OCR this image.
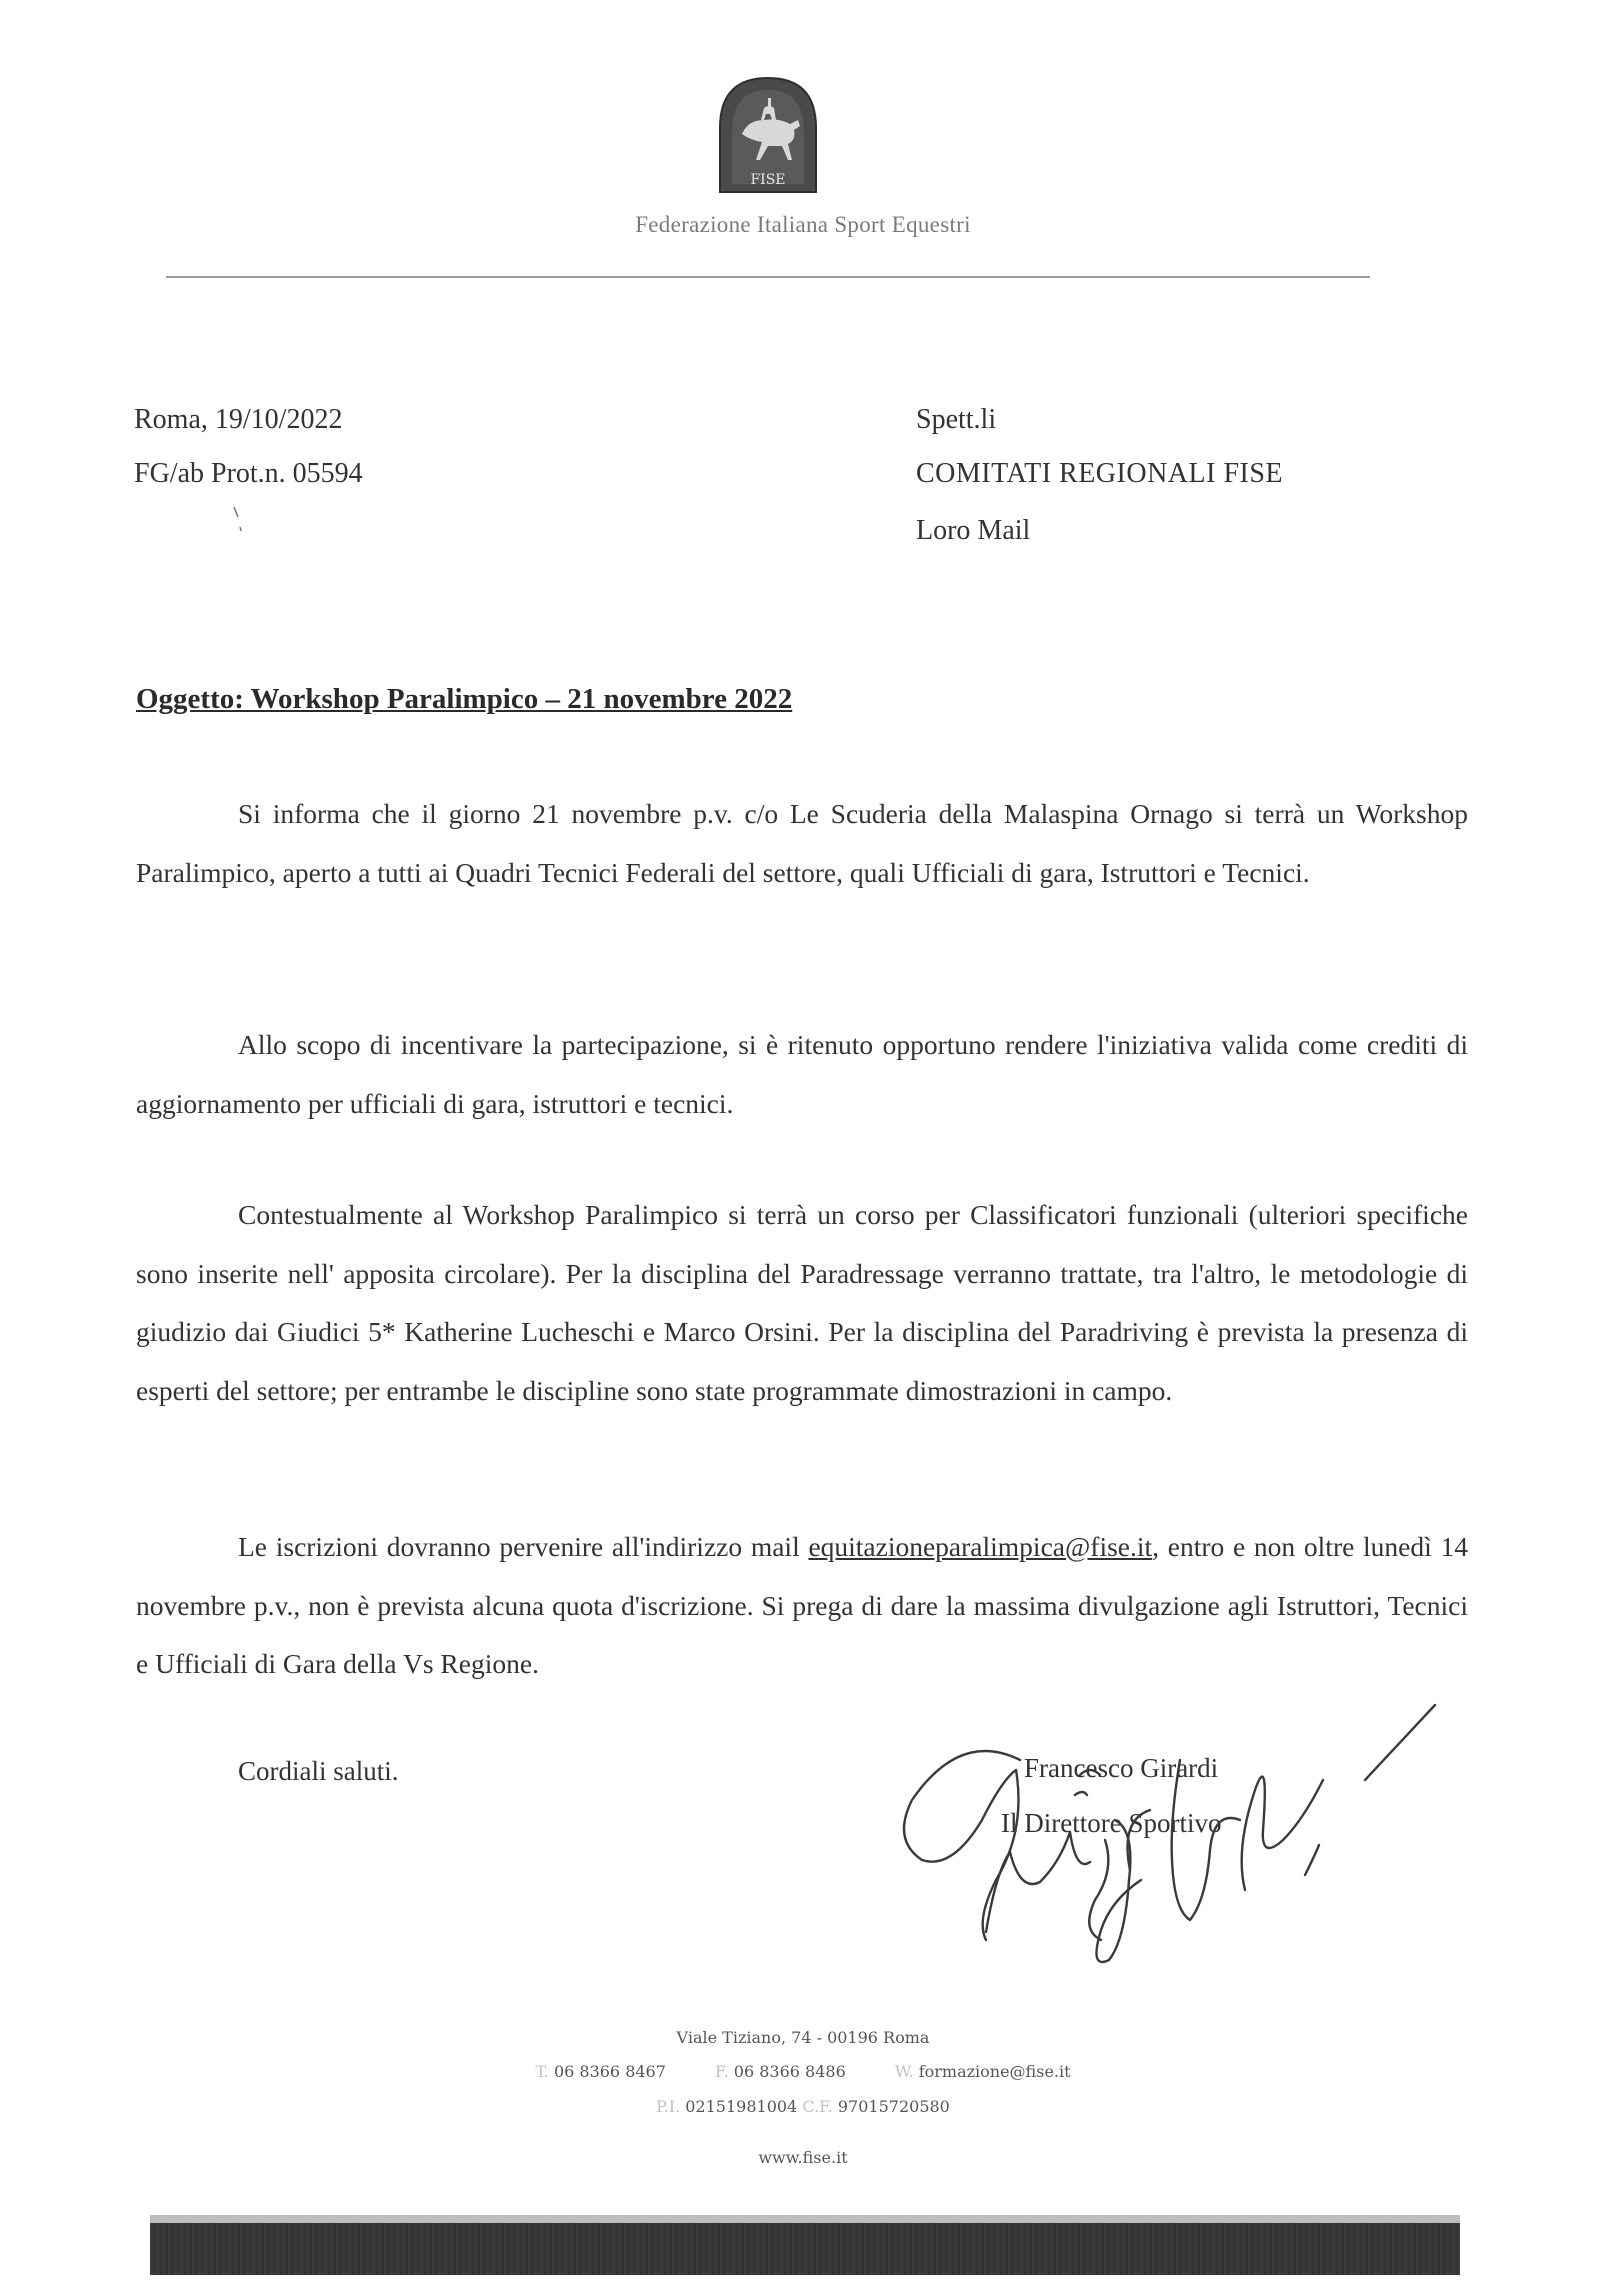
FISE
Federazione Italiana Sport Equestri
Roma, 19/10/2022
FG/ab Prot.n. 05594
Spett.li
COMITATI REGIONALI FISE
Loro Mail
Oggetto: Workshop Paralimpico – 21 novembre 2022
Si informa che il giorno 21 novembre p.v. c/o Le Scuderia della Malaspina Ornago si terrà un Workshop Paralimpico, aperto a tutti ai Quadri Tecnici Federali del settore, quali Ufficiali di gara, Istruttori e Tecnici.
Allo scopo di incentivare la partecipazione, si è ritenuto opportuno rendere l'iniziativa valida come crediti di aggiornamento per ufficiali di gara, istruttori e tecnici.
Contestualmente al Workshop Paralimpico si terrà un corso per Classificatori funzionali (ulteriori specifiche sono inserite nell' apposita circolare). Per la disciplina del Paradressage verranno trattate, tra l'altro, le metodologie di giudizio dai Giudici 5* Katherine Lucheschi e Marco Orsini. Per la disciplina del Paradriving è prevista la presenza di esperti del settore; per entrambe le discipline sono state programmate dimostrazioni in campo.
Le iscrizioni dovranno pervenire all'indirizzo mail equitazioneparalimpica@fise.it, entro e non oltre lunedì 14 novembre p.v., non è prevista alcuna quota d'iscrizione. Si prega di dare la massima divulgazione agli Istruttori, Tecnici e Ufficiali di Gara della Vs Regione.
Cordiali saluti.	Francesco Girardi
Il Direttore Sportivo
Viale Tiziano, 74 - 00196 Roma
T. 06 8366 8467	F. 06 8366 8486	W. formazione@fise.it
P.I. 02151981004 C.F. 97015720580
www.fise.it
